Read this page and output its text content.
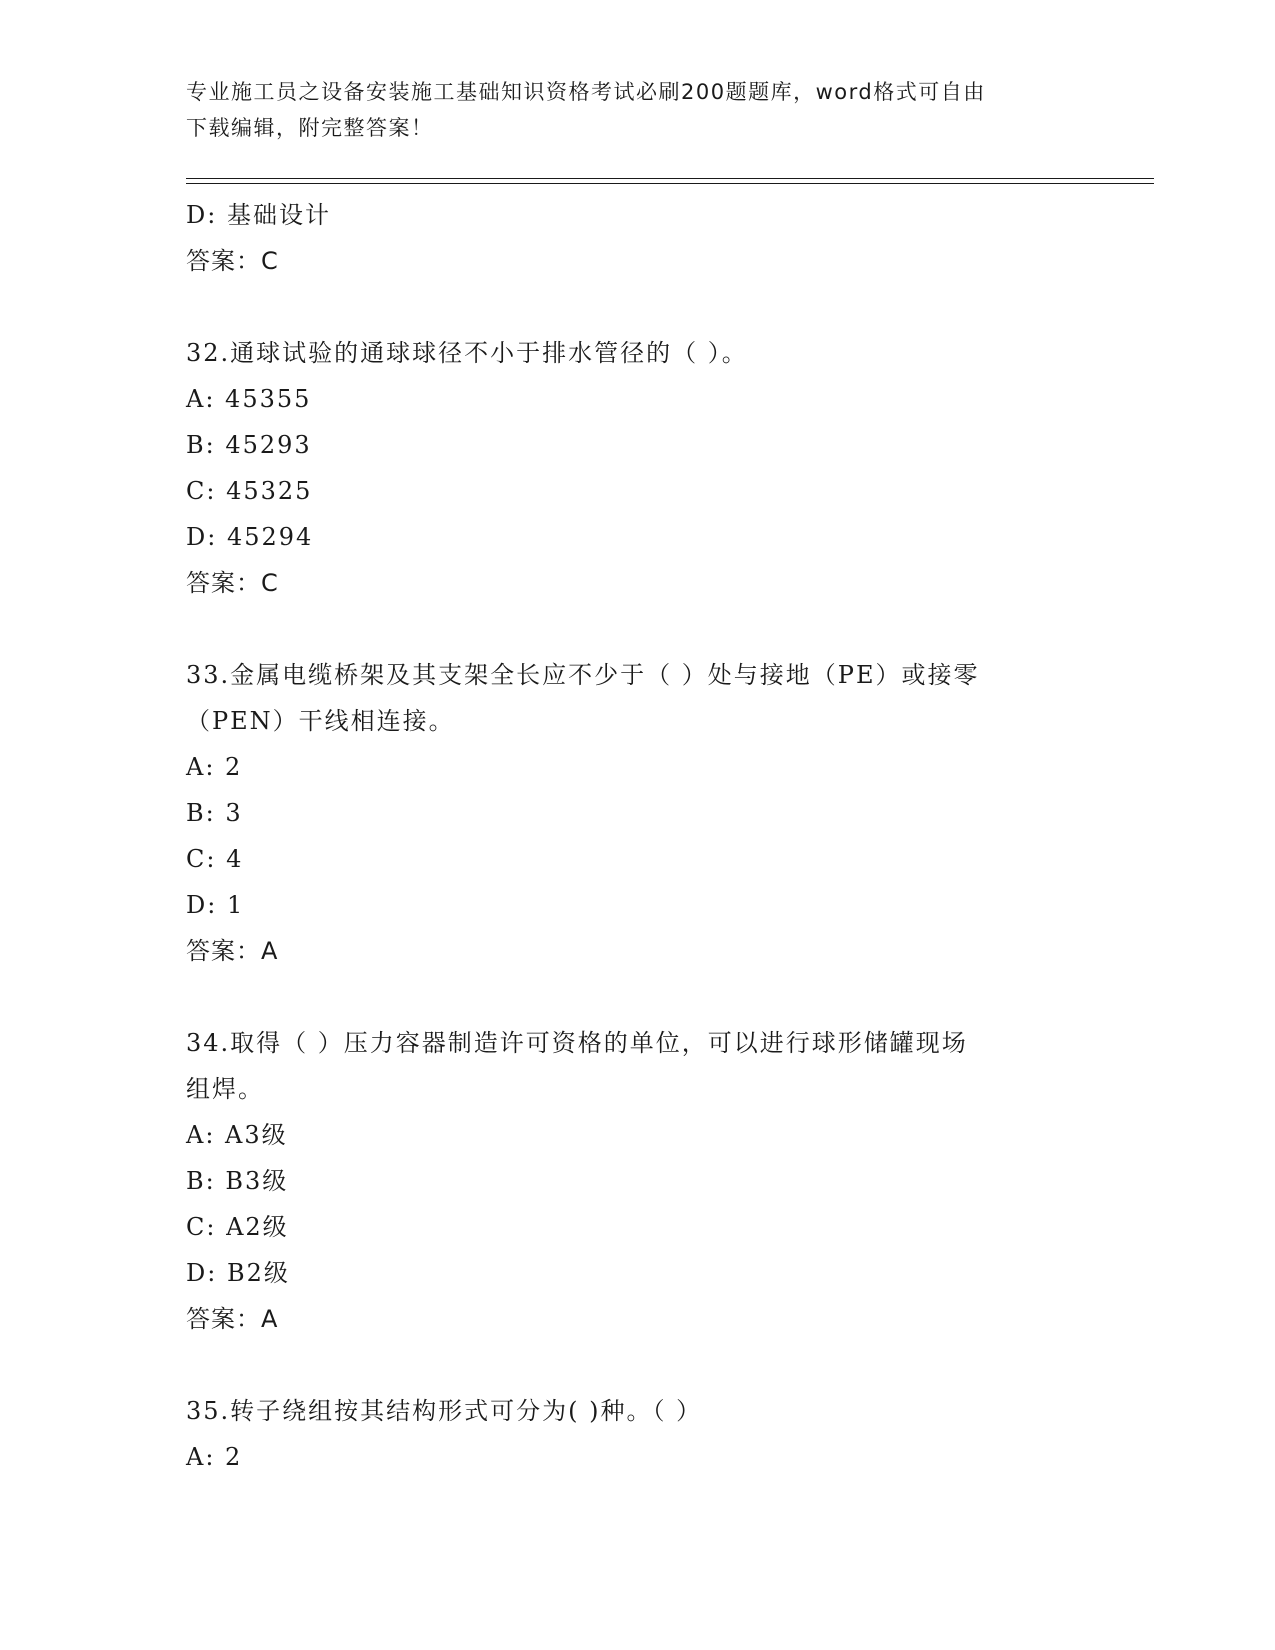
专业施工员之设备安装施工基础知识资格考试必刷200题题库，word格式可自由
下载编辑，附完整答案！
D: 基础设计
答案：C
32.通球试验的通球球径不小于排水管径的（ ）。
A: 45355
B: 45293
C: 45325
D: 45294
答案：C
33.金属电缆桥架及其支架全长应不少于（ ）处与接地（PE）或接零
（PEN）干线相连接。
A: 2
B: 3
C: 4
D: 1
答案：A
34.取得（ ）压力容器制造许可资格的单位，可以进行球形储罐现场
组焊。
A: A3级
B: B3级
C: A2级
D: B2级
答案：A
35.转子绕组按其结构形式可分为( )种。（ ）
A: 2
